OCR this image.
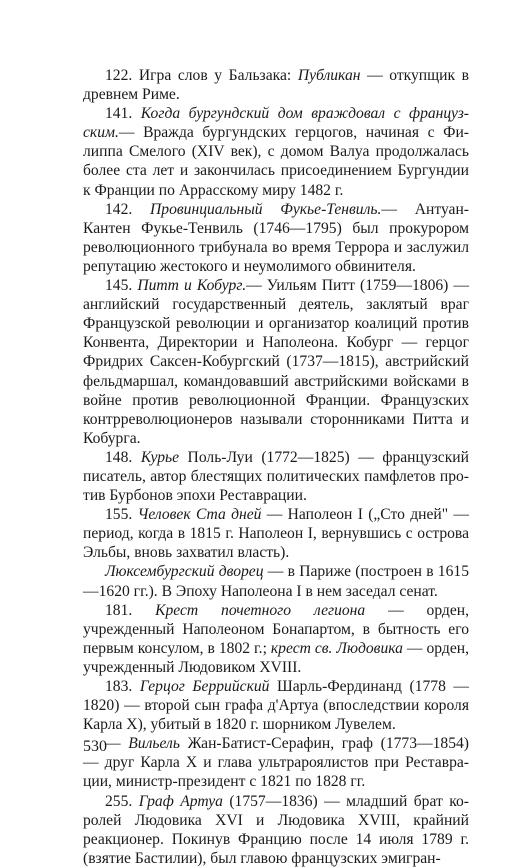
122. Игра слов у Бальзака: Публикан — откупщик в древнем Риме.

141. Когда бургундский дом враждовал с французским.— Вражда бургундских герцогов, начиная с Филиппа Смелого (XIV век), с домом Валуа продолжалась более ста лет и закончилась присоединением Бургундии к Франции по Аррасскому миру 1482 г.

142. Провинциальный Фукье-Тенвиль.— Антуан-Кантен Фукье-Тенвиль (1746—1795) был прокурором революционного трибунала во время Террора и заслужил репутацию жестокого и неумолимого обвинителя.

145. Питт и Кобург.— Уильям Питт (1759—1806) — английский государственный деятель, заклятый враг Французской революции и организатор коалиций против Конвента, Директории и Наполеона. Кобург — герцог Фридрих Саксен-Кобургский (1737—1815), австрийский фельдмаршал, командовавший австрийскими войсками в войне против революционной Франции. Французских контрреволюционеров называли сторонниками Питта и Кобурга.

148. Курье Поль-Луи (1772—1825) — французский писатель, автор блестящих политических памфлетов против Бурбонов эпохи Реставрации.

155. Человек Ста дней — Наполеон I („Сто дней" — период, когда в 1815 г. Наполеон I, вернувшись с острова Эльбы, вновь захватил власть).

Люксембургский дворец — в Париже (построен в 1615—1620 гг.). В Эпоху Наполеона I в нем заседал сенат.

181. Крест почетного легиона — орден, учрежденный Наполеоном Бонапартом, в бытность его первым консулом, в 1802 г.; крест св. Людовика — орден, учрежденный Людовиком XVIII.

183. Герцог Беррийский Шарль-Фердинанд (1778 — 1820) — второй сын графа д'Артуа (впоследствии короля Карла X), убитый в 1820 г. шорником Лувелем.

— Вильель Жан-Батист-Серафин, граф (1773—1854)— друг Карла X и глава ультрароялистов при Реставрации, министр-президент с 1821 по 1828 гг.

255. Граф Артуа (1757—1836) — младший брат королей Людовика XVI и Людовика XVIII, крайний реакционер. Покинув Францию после 14 июля 1789 г. (взятие Бастилии), был главою французских эмигран-

530
